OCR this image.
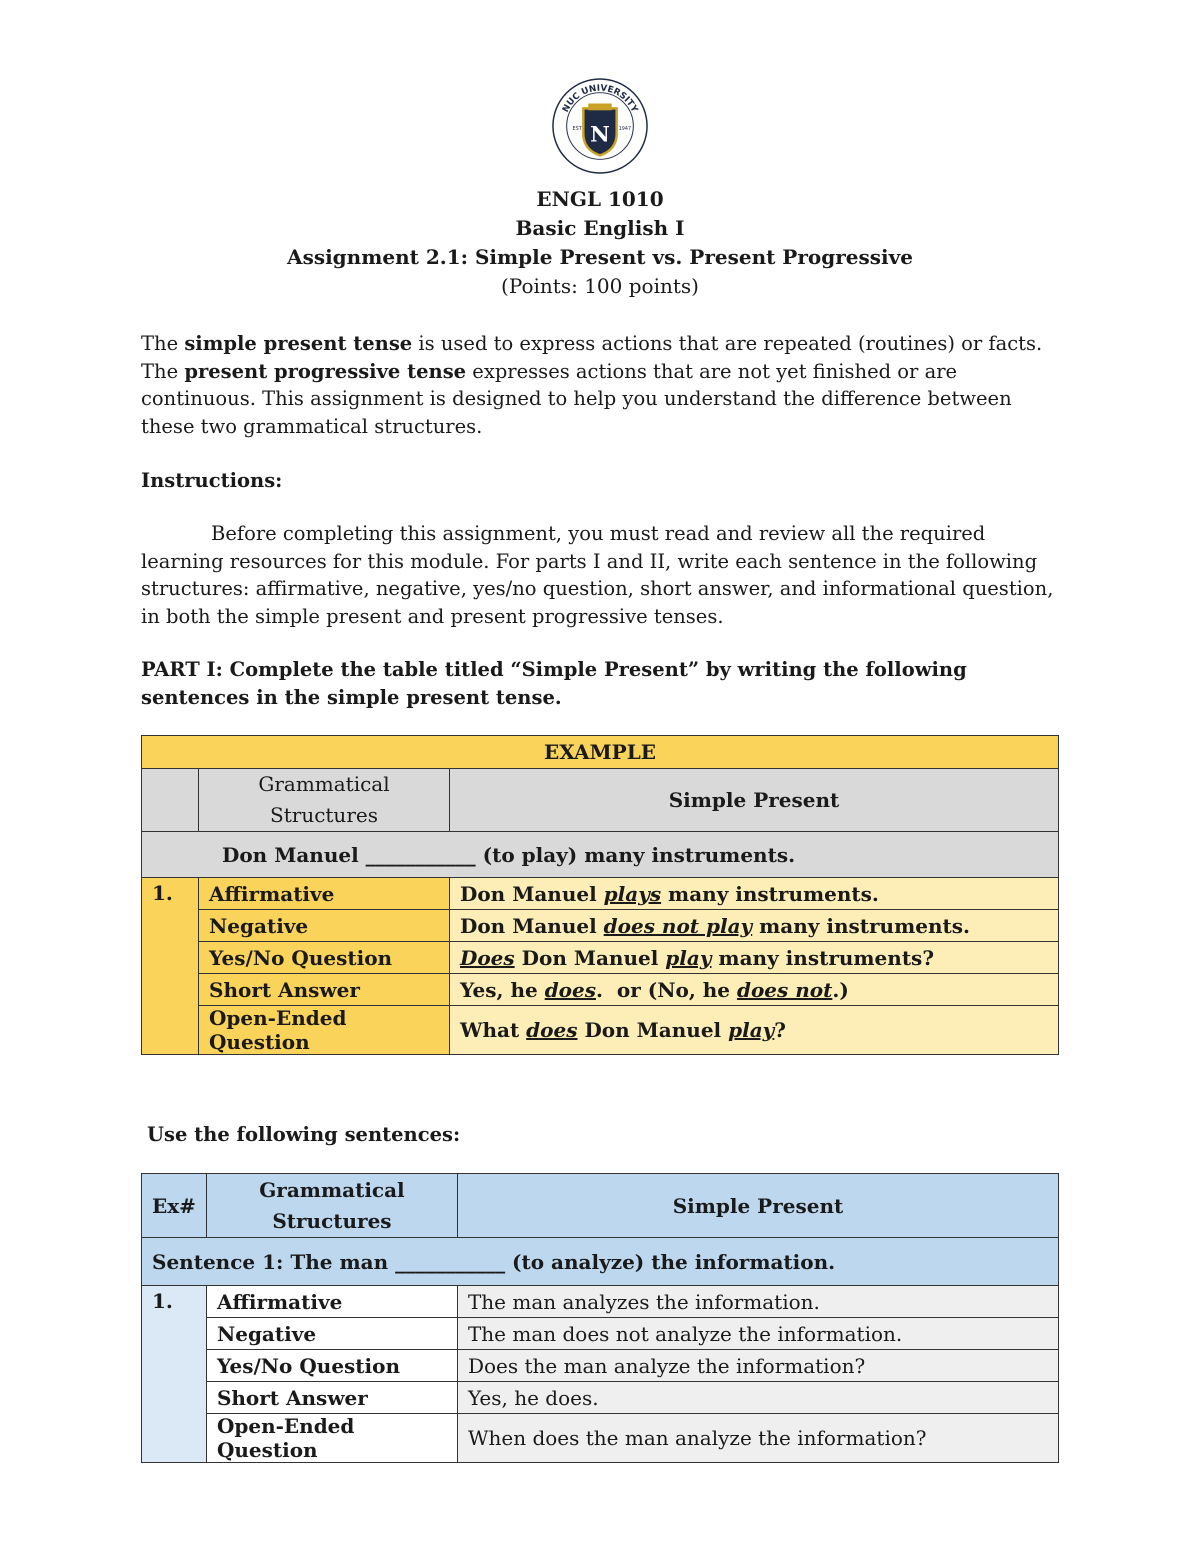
NUC UNIVERSITY
EST	1947
N
ENGL 1010
Basic English I
Assignment 2.1: Simple Present vs. Present Progressive
(Points: 100 points)

The simple present tense is used to express actions that are repeated (routines) or facts. The present progressive tense expresses actions that are not yet finished or are continuous. This assignment is designed to help you understand the difference between these two grammatical structures.

Instructions:

Before completing this assignment, you must read and review all the required learning resources for this module. For parts I and II, write each sentence in the following structures: affirmative, negative, yes/no question, short answer, and informational question, in both the simple present and present progressive tenses.

PART I: Complete the table titled “Simple Present” by writing the following sentences in the simple present tense.
EXAMPLE		
	Grammatical Structures	Simple Present
Don Manuel ___________ (to play) many instruments.		
1.	Affirmative	Don Manuel plays many instruments.
	Negative	Don Manuel does not play many instruments.
	Yes/No Question	Does Don Manuel play many instruments?
	Short Answer	Yes, he does.  or (No, he does not.)
	Open-Ended Question	What does Don Manuel play?
Use the following sentences:
Ex#	Grammatical Structures	Simple Present
Sentence 1: The man ___________ (to analyze) the information.		
1.	Affirmative	The man analyzes the information.
	Negative	The man does not analyze the information.
	Yes/No Question	Does the man analyze the information?
	Short Answer	Yes, he does.
	Open-Ended Question	When does the man analyze the information?
